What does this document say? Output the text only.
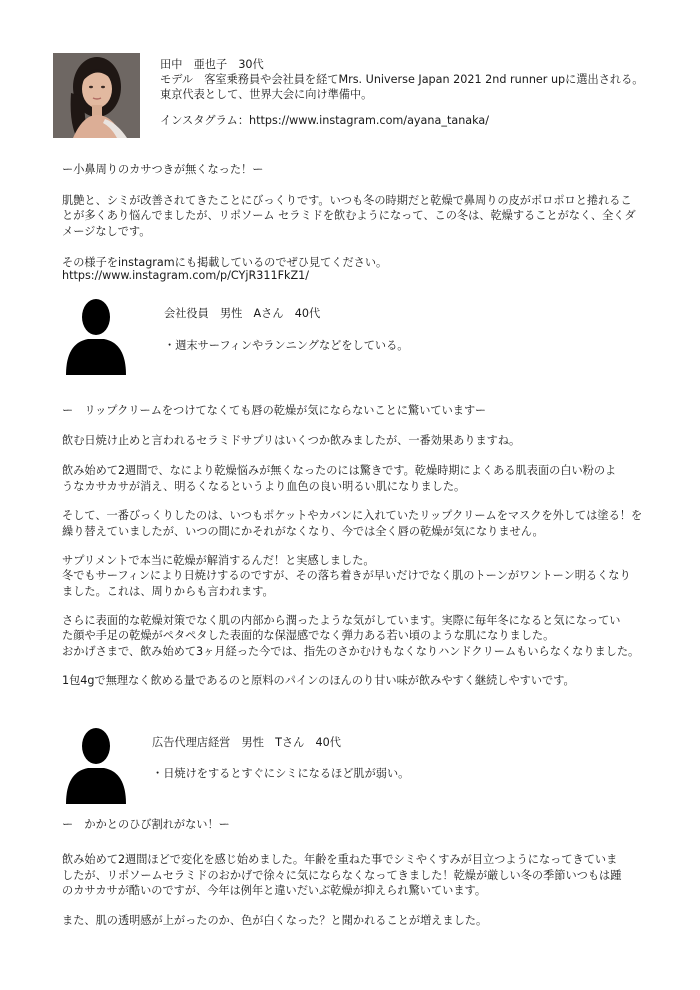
田中　亜也子　30代
モデル　客室乗務員や会社員を経てMrs. Universe Japan 2021 2nd runner upに選出される。
東京代表として、世界大会に向け準備中。
インスタグラム：https://www.instagram.com/ayana_tanaka/
ー小鼻周りのカサつきが無くなった！ー
肌艶と、シミが改善されてきたことにびっくりです。いつも冬の時期だと乾燥で鼻周りの皮がポロポロと捲れるこ
とが多くあり悩んでましたが、リポソーム セラミドを飲むようになって、この冬は、乾燥することがなく、全くダ
メージなしです。
その様子をinstagramにも掲載しているのでぜひ見てください。
https://www.instagram.com/p/CYjR311FkZ1/
会社役員　男性　Aさん　40代
・週末サーフィンやランニングなどをしている。
ー　リップクリームをつけてなくても唇の乾燥が気にならないことに驚いていますー
飲む日焼け止めと言われるセラミドサプリはいくつか飲みましたが、一番効果ありますね。
飲み始めて2週間で、なにより乾燥悩みが無くなったのには驚きです。乾燥時期によくある肌表面の白い粉のよ
うなカサカサが消え、明るくなるというより血色の良い明るい肌になりました。
そして、一番びっくりしたのは、いつもポケットやカバンに入れていたリップクリームをマスクを外しては塗る！を
繰り替えていましたが、いつの間にかそれがなくなり、今では全く唇の乾燥が気になりません。
サプリメントで本当に乾燥が解消するんだ！と実感しました。
冬でもサーフィンにより日焼けするのですが、その落ち着きが早いだけでなく肌のトーンがワントーン明るくなり
ました。これは、周りからも言われます。
さらに表面的な乾燥対策でなく肌の内部から潤ったような気がしています。実際に毎年冬になると気になってい
た顔や手足の乾燥がペタペタした表面的な保湿感でなく弾力ある若い頃のような肌になりました。
おかげさまで、飲み始めて3ヶ月経った今では、指先のさかむけもなくなりハンドクリームもいらなくなりました。
1包4gで無理なく飲める量であるのと原料のパインのほんのり甘い味が飲みやすく継続しやすいです。
広告代理店経営　男性　Tさん　40代
・日焼けをするとすぐにシミになるほど肌が弱い。
ー　かかとのひび割れがない！ー
飲み始めて2週間ほどで変化を感じ始めました。年齢を重ねた事でシミやくすみが目立つようになってきていま
したが、リポソームセラミドのおかげで徐々に気にならなくなってきました！乾燥が厳しい冬の季節いつもは踵
のカサカサが酷いのですが、今年は例年と違いだいぶ乾燥が抑えられ驚いています。
また、肌の透明感が上がったのか、色が白くなった？と聞かれることが増えました。
